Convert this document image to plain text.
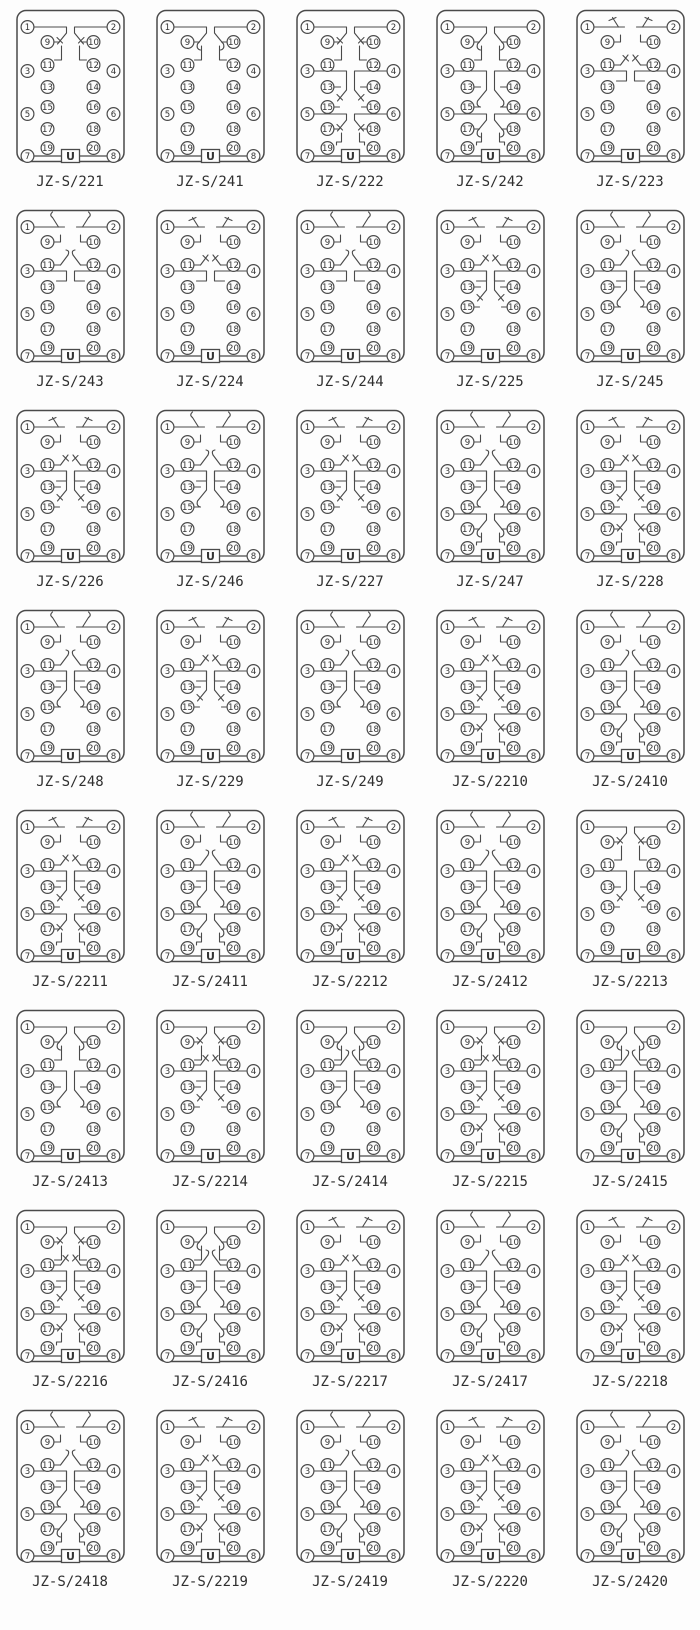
U
1	2
3	4
5	6
7	8
9	10
11	12
13	14
15	16
17	18
19	20
JZ-S/221
U
1	2
3	4
5	6
7	8
9	10
11	12
13	14
15	16
17	18
19	20
JZ-S/241
U
1	2
3	4
5	6
7	8
9	10
11	12
13	14
15	16
17	18
19	20
JZ-S/222
U
1	2
3	4
5	6
7	8
9	10
11	12
13	14
15	16
17	18
19	20
JZ-S/242
U
1	2
3	4
5	6
7	8
9	10
11	12
13	14
15	16
17	18
19	20
JZ-S/223
U
1	2
3	4
5	6
7	8
9	10
11	12
13	14
15	16
17	18
19	20
JZ-S/243
U
1	2
3	4
5	6
7	8
9	10
11	12
13	14
15	16
17	18
19	20
JZ-S/224
U
1	2
3	4
5	6
7	8
9	10
11	12
13	14
15	16
17	18
19	20
JZ-S/244
U
1	2
3	4
5	6
7	8
9	10
11	12
13	14
15	16
17	18
19	20
JZ-S/225
U
1	2
3	4
5	6
7	8
9	10
11	12
13	14
15	16
17	18
19	20
JZ-S/245
U
1	2
3	4
5	6
7	8
9	10
11	12
13	14
15	16
17	18
19	20
JZ-S/226
U
1	2
3	4
5	6
7	8
9	10
11	12
13	14
15	16
17	18
19	20
JZ-S/246
U
1	2
3	4
5	6
7	8
9	10
11	12
13	14
15	16
17	18
19	20
JZ-S/227
U
1	2
3	4
5	6
7	8
9	10
11	12
13	14
15	16
17	18
19	20
JZ-S/247
U
1	2
3	4
5	6
7	8
9	10
11	12
13	14
15	16
17	18
19	20
JZ-S/228
U
1	2
3	4
5	6
7	8
9	10
11	12
13	14
15	16
17	18
19	20
JZ-S/248
U
1	2
3	4
5	6
7	8
9	10
11	12
13	14
15	16
17	18
19	20
JZ-S/229
U
1	2
3	4
5	6
7	8
9	10
11	12
13	14
15	16
17	18
19	20
JZ-S/249
U
1	2
3	4
5	6
7	8
9	10
11	12
13	14
15	16
17	18
19	20
JZ-S/2210
U
1	2
3	4
5	6
7	8
9	10
11	12
13	14
15	16
17	18
19	20
JZ-S/2410
U
1	2
3	4
5	6
7	8
9	10
11	12
13	14
15	16
17	18
19	20
JZ-S/2211
U
1	2
3	4
5	6
7	8
9	10
11	12
13	14
15	16
17	18
19	20
JZ-S/2411
U
1	2
3	4
5	6
7	8
9	10
11	12
13	14
15	16
17	18
19	20
JZ-S/2212
U
1	2
3	4
5	6
7	8
9	10
11	12
13	14
15	16
17	18
19	20
JZ-S/2412
U
1	2
3	4
5	6
7	8
9	10
11	12
13	14
15	16
17	18
19	20
JZ-S/2213
U
1	2
3	4
5	6
7	8
9	10
11	12
13	14
15	16
17	18
19	20
JZ-S/2413
U
1	2
3	4
5	6
7	8
9	10
11	12
13	14
15	16
17	18
19	20
JZ-S/2214
U
1	2
3	4
5	6
7	8
9	10
11	12
13	14
15	16
17	18
19	20
JZ-S/2414
U
1	2
3	4
5	6
7	8
9	10
11	12
13	14
15	16
17	18
19	20
JZ-S/2215
U
1	2
3	4
5	6
7	8
9	10
11	12
13	14
15	16
17	18
19	20
JZ-S/2415
U
1	2
3	4
5	6
7	8
9	10
11	12
13	14
15	16
17	18
19	20
JZ-S/2216
U
1	2
3	4
5	6
7	8
9	10
11	12
13	14
15	16
17	18
19	20
JZ-S/2416
U
1	2
3	4
5	6
7	8
9	10
11	12
13	14
15	16
17	18
19	20
JZ-S/2217
U
1	2
3	4
5	6
7	8
9	10
11	12
13	14
15	16
17	18
19	20
JZ-S/2417
U
1	2
3	4
5	6
7	8
9	10
11	12
13	14
15	16
17	18
19	20
JZ-S/2218
U
1	2
3	4
5	6
7	8
9	10
11	12
13	14
15	16
17	18
19	20
JZ-S/2418
U
1	2
3	4
5	6
7	8
9	10
11	12
13	14
15	16
17	18
19	20
JZ-S/2219
U
1	2
3	4
5	6
7	8
9	10
11	12
13	14
15	16
17	18
19	20
JZ-S/2419
U
1	2
3	4
5	6
7	8
9	10
11	12
13	14
15	16
17	18
19	20
JZ-S/2220
U
1	2
3	4
5	6
7	8
9	10
11	12
13	14
15	16
17	18
19	20
JZ-S/2420
